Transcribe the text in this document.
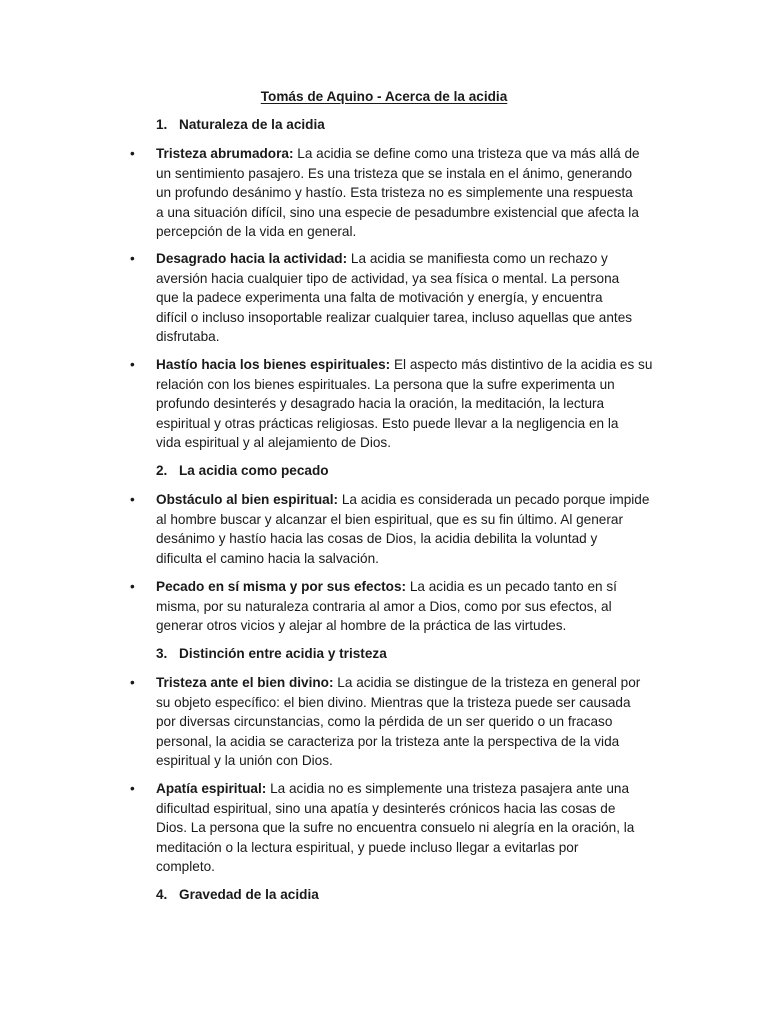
Tomás de Aquino - Acerca de la acidia
1. Naturaleza de la acidia
• Tristeza abrumadora: La acidia se define como una tristeza que va más allá de
un sentimiento pasajero. Es una tristeza que se instala en el ánimo, generando
un profundo desánimo y hastío. Esta tristeza no es simplemente una respuesta
a una situación difícil, sino una especie de pesadumbre existencial que afecta la
percepción de la vida en general.
• Desagrado hacia la actividad: La acidia se manifiesta como un rechazo y
aversión hacia cualquier tipo de actividad, ya sea física o mental. La persona
que la padece experimenta una falta de motivación y energía, y encuentra
difícil o incluso insoportable realizar cualquier tarea, incluso aquellas que antes
disfrutaba.
• Hastío hacia los bienes espirituales: El aspecto más distintivo de la acidia es su
relación con los bienes espirituales. La persona que la sufre experimenta un
profundo desinterés y desagrado hacia la oración, la meditación, la lectura
espiritual y otras prácticas religiosas. Esto puede llevar a la negligencia en la
vida espiritual y al alejamiento de Dios.
2. La acidia como pecado
• Obstáculo al bien espiritual: La acidia es considerada un pecado porque impide
al hombre buscar y alcanzar el bien espiritual, que es su fin último. Al generar
desánimo y hastío hacia las cosas de Dios, la acidia debilita la voluntad y
dificulta el camino hacia la salvación.
• Pecado en sí misma y por sus efectos: La acidia es un pecado tanto en sí
misma, por su naturaleza contraria al amor a Dios, como por sus efectos, al
generar otros vicios y alejar al hombre de la práctica de las virtudes.
3. Distinción entre acidia y tristeza
• Tristeza ante el bien divino: La acidia se distingue de la tristeza en general por
su objeto específico: el bien divino. Mientras que la tristeza puede ser causada
por diversas circunstancias, como la pérdida de un ser querido o un fracaso
personal, la acidia se caracteriza por la tristeza ante la perspectiva de la vida
espiritual y la unión con Dios.
• Apatía espiritual: La acidia no es simplemente una tristeza pasajera ante una
dificultad espiritual, sino una apatía y desinterés crónicos hacia las cosas de
Dios. La persona que la sufre no encuentra consuelo ni alegría en la oración, la
meditación o la lectura espiritual, y puede incluso llegar a evitarlas por
completo.
4. Gravedad de la acidia
